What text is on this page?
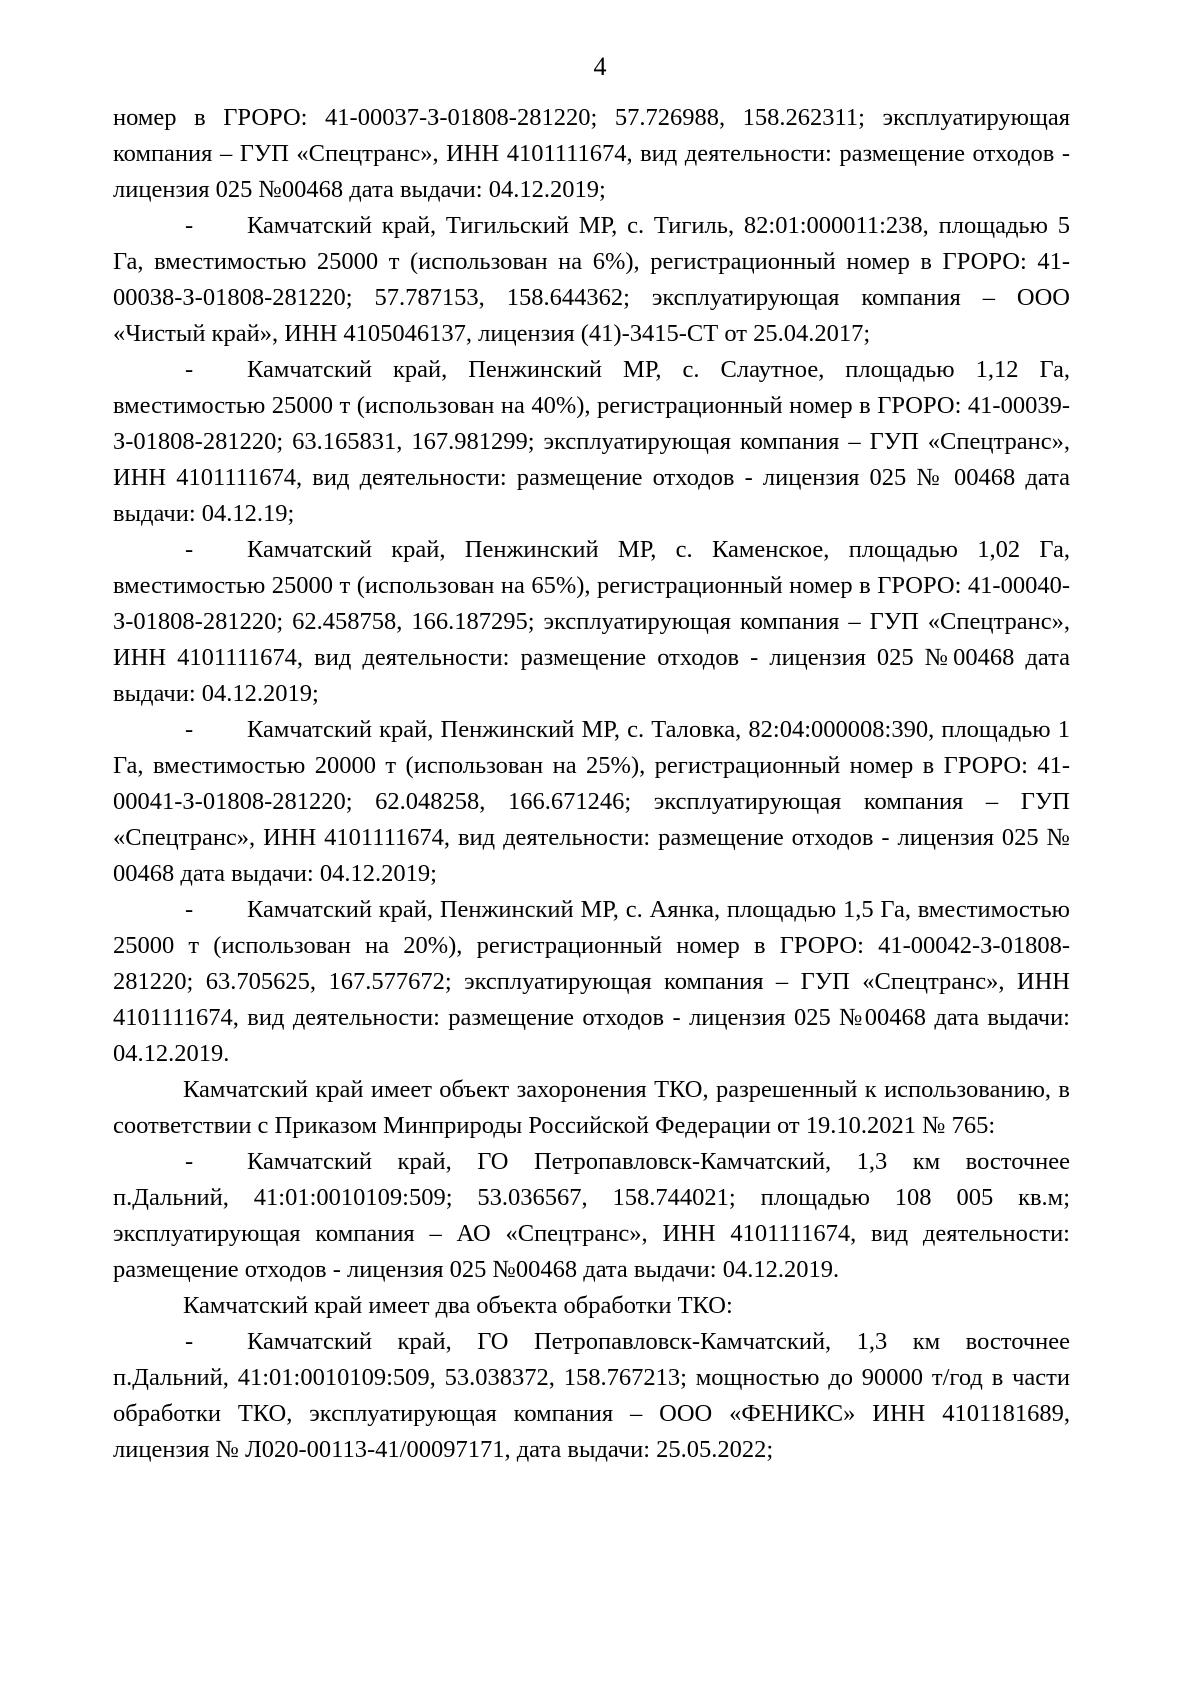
4

номер в ГРОРО: 41-00037-З-01808-281220; 57.726988, 158.262311; эксплуатирующая компания – ГУП «Спецтранс», ИНН 4101111674, вид деятельности: размещение отходов - лицензия 025 №00468 дата выдачи: 04.12.2019;

- Камчатский край, Тигильский МР, с. Тигиль, 82:01:000011:238, площадью 5 Га, вместимостью 25000 т (использован на 6%), регистрационный номер в ГРОРО: 41-00038-З-01808-281220; 57.787153, 158.644362; эксплуатирующая компания – ООО «Чистый край», ИНН 4105046137, лицензия (41)-3415-СТ от 25.04.2017;

- Камчатский край, Пенжинский МР, с. Слаутное, площадью 1,12 Га, вместимостью 25000 т (использован на 40%), регистрационный номер в ГРОРО: 41-00039-З-01808-281220; 63.165831, 167.981299; эксплуатирующая компания – ГУП «Спецтранс», ИНН 4101111674, вид деятельности: размещение отходов - лицензия 025 № 00468 дата выдачи: 04.12.19;

- Камчатский край, Пенжинский МР, с. Каменское, площадью 1,02 Га, вместимостью 25000 т (использован на 65%), регистрационный номер в ГРОРО: 41-00040-З-01808-281220; 62.458758, 166.187295; эксплуатирующая компания – ГУП «Спецтранс», ИНН 4101111674, вид деятельности: размещение отходов - лицензия 025 №00468 дата выдачи: 04.12.2019;

- Камчатский край, Пенжинский МР, с. Таловка, 82:04:000008:390, площадью 1 Га, вместимостью 20000 т (использован на 25%), регистрационный номер в ГРОРО: 41-00041-З-01808-281220; 62.048258, 166.671246; эксплуатирующая компания – ГУП «Спецтранс», ИНН 4101111674, вид деятельности: размещение отходов - лицензия 025 № 00468 дата выдачи: 04.12.2019;

- Камчатский край, Пенжинский МР, с. Аянка, площадью 1,5 Га, вместимостью 25000 т (использован на 20%), регистрационный номер в ГРОРО: 41-00042-З-01808-281220; 63.705625, 167.577672; эксплуатирующая компания – ГУП «Спецтранс», ИНН 4101111674, вид деятельности: размещение отходов - лицензия 025 №00468 дата выдачи: 04.12.2019.

Камчатский край имеет объект захоронения ТКО, разрешенный к использованию, в соответствии с Приказом Минприроды Российской Федерации от 19.10.2021 № 765:

- Камчатский край, ГО Петропавловск-Камчатский, 1,3 км восточнее п.Дальний, 41:01:0010109:509; 53.036567, 158.744021; площадью 108 005 кв.м; эксплуатирующая компания – АО «Спецтранс», ИНН 4101111674, вид деятельности: размещение отходов - лицензия 025 №00468 дата выдачи: 04.12.2019.

Камчатский край имеет два объекта обработки ТКО:

- Камчатский край, ГО Петропавловск-Камчатский, 1,3 км восточнее п.Дальний, 41:01:0010109:509, 53.038372, 158.767213; мощностью до 90000 т/год в части обработки ТКО, эксплуатирующая компания – ООО «ФЕНИКС» ИНН 4101181689, лицензия № Л020-00113-41/00097171, дата выдачи: 25.05.2022;
